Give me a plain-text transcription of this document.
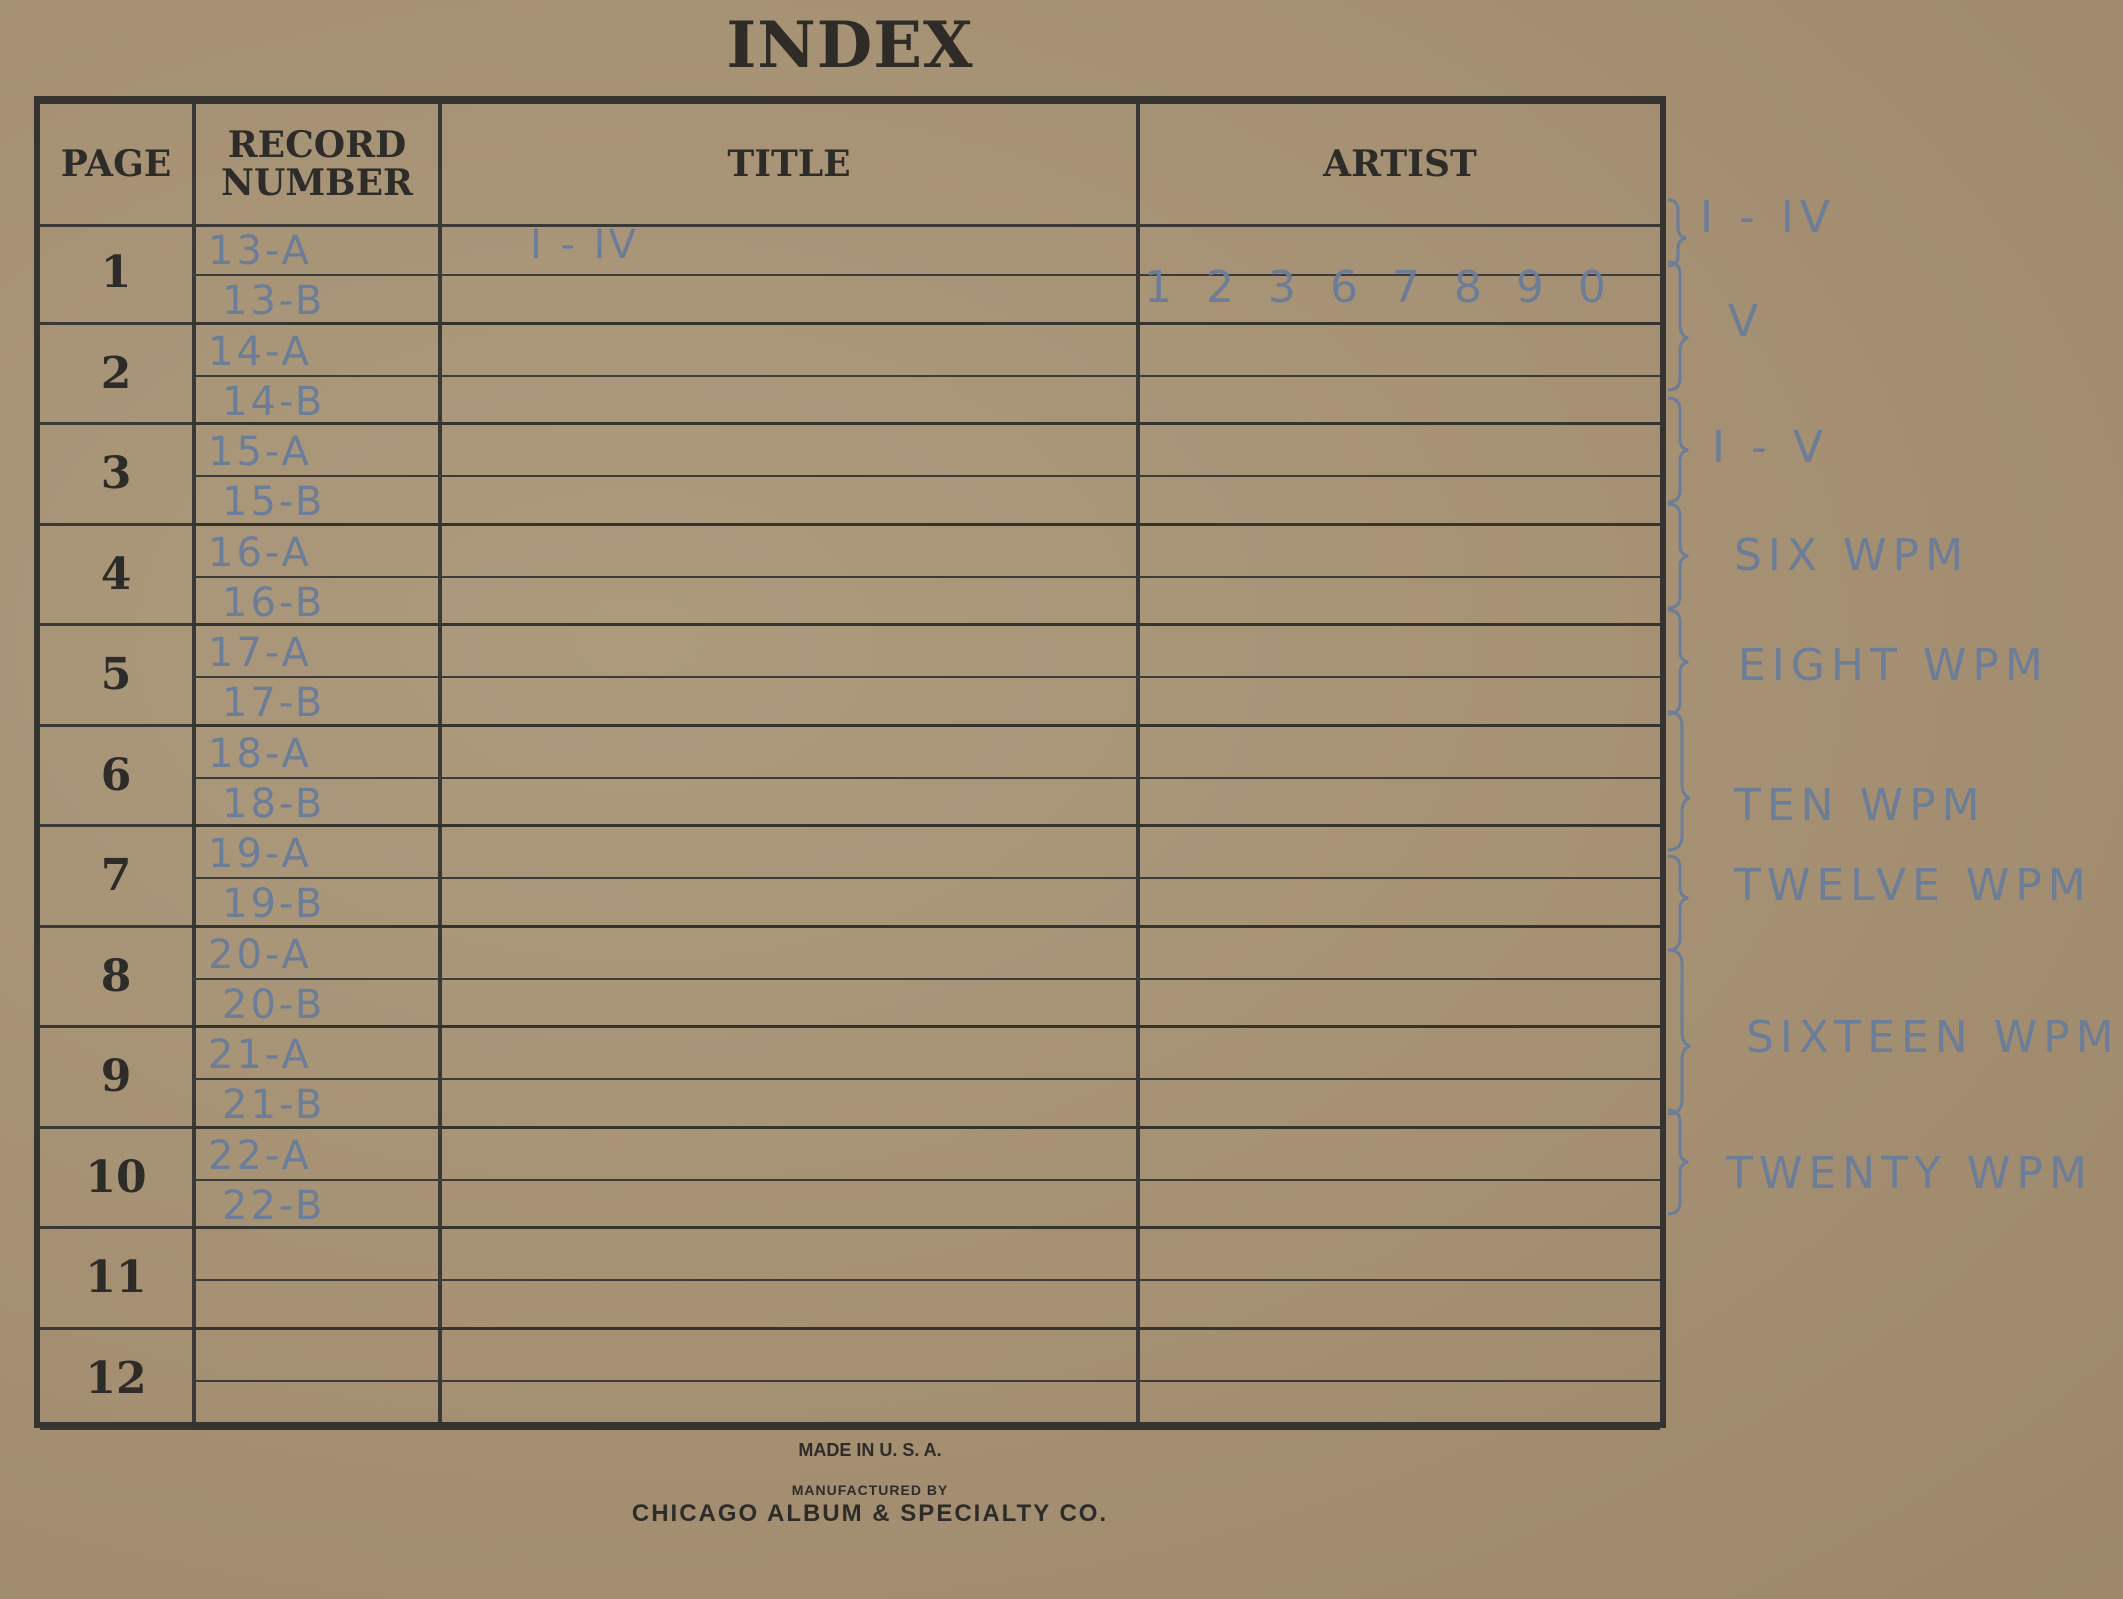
INDEX
PAGE	RECORD NUMBER	TITLE	ARTIST
1	13-A
13-B
2	14-A
14-B
3	15-A
15-B
4	16-A
16-B
5	17-A
17-B
6	18-A
18-B
7	19-A
19-B
8	20-A
20-B
9	21-A
21-B
10	22-A
22-B
11
12
I - IV
1 2 3 6 7 8 9 0
I - IV
V
I - V
SIX WPM
EIGHT WPM
TEN WPM
TWELVE WPM
SIXTEEN WPM
TWENTY WPM
MADE IN U. S. A.
MANUFACTURED BY
CHICAGO ALBUM & SPECIALTY CO.
